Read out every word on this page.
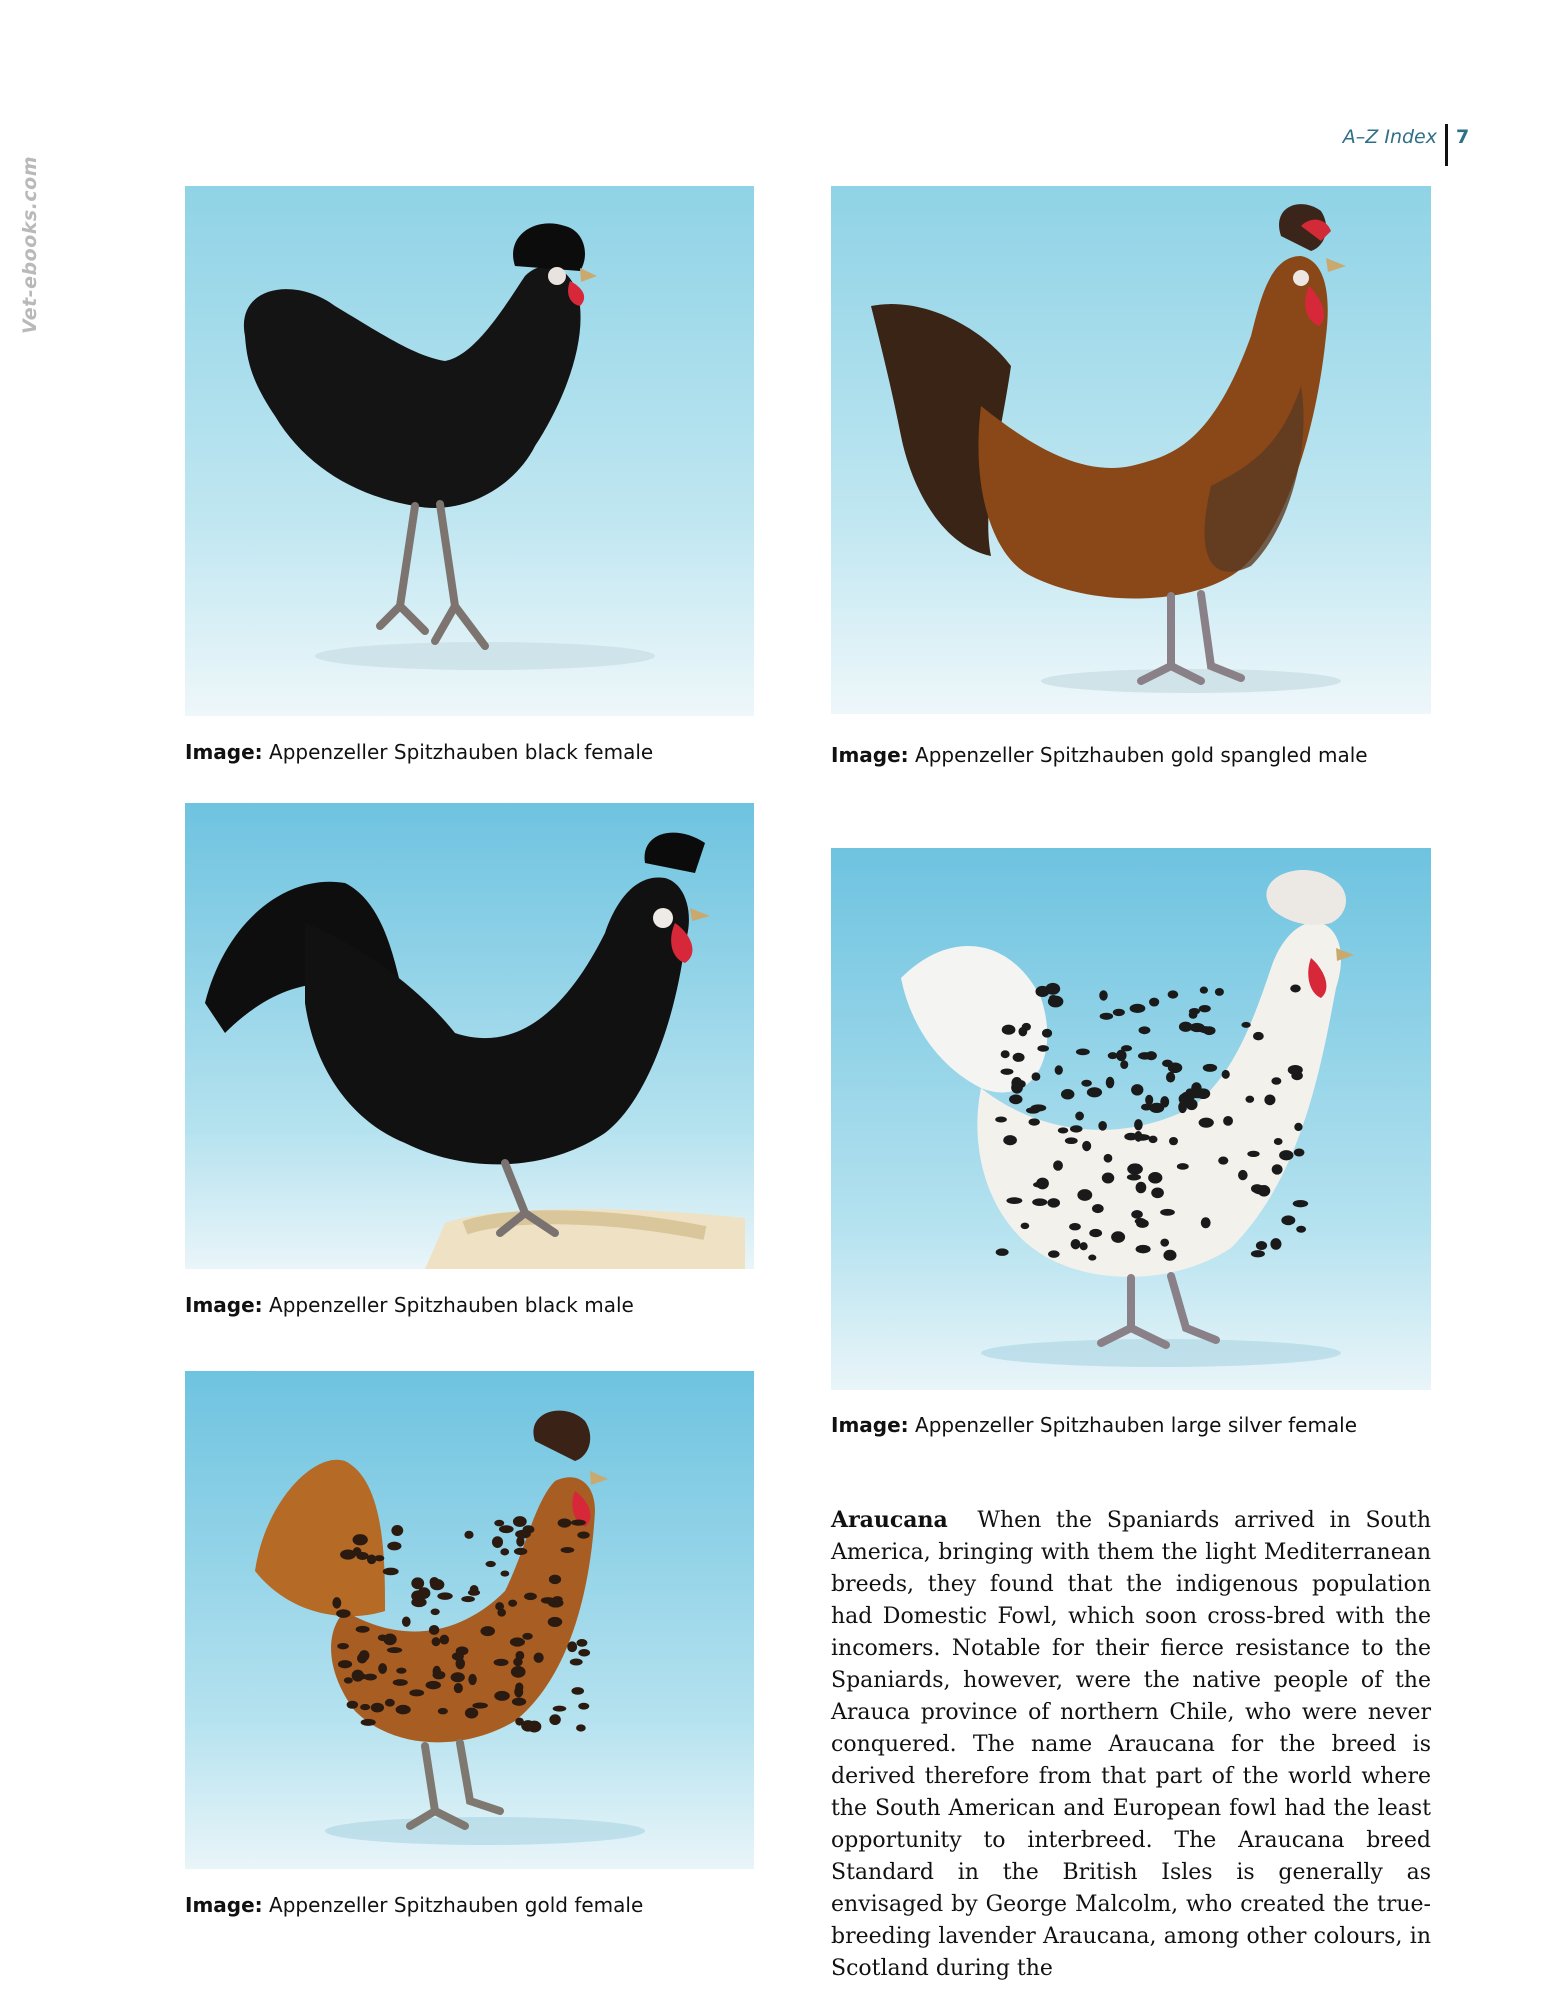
Vet-ebooks.com
A–Z Index 7
Image: Appenzeller Spitzhauben black female	Image: Appenzeller Spitzhauben gold spangled male
Image: Appenzeller Spitzhauben black male
Image: Appenzeller Spitzhauben large silver female
Image: Appenzeller Spitzhauben gold female
Araucana When the Spaniards arrived in South America, bringing with them the light Mediterranean breeds, they found that the indigenous population had Domestic Fowl, which soon cross-bred with the incomers. Notable for their fierce resistance to the Spaniards, however, were the native people of the Arauca province of northern Chile, who were never conquered. The name Araucana for the breed is derived therefore from that part of the world where the South American and European fowl had the least opportunity to interbreed. The Araucana breed Standard in the British Isles is generally as envisaged by George Malcolm, who created the true-breeding lavender Araucana, among other colours, in Scotland during the
